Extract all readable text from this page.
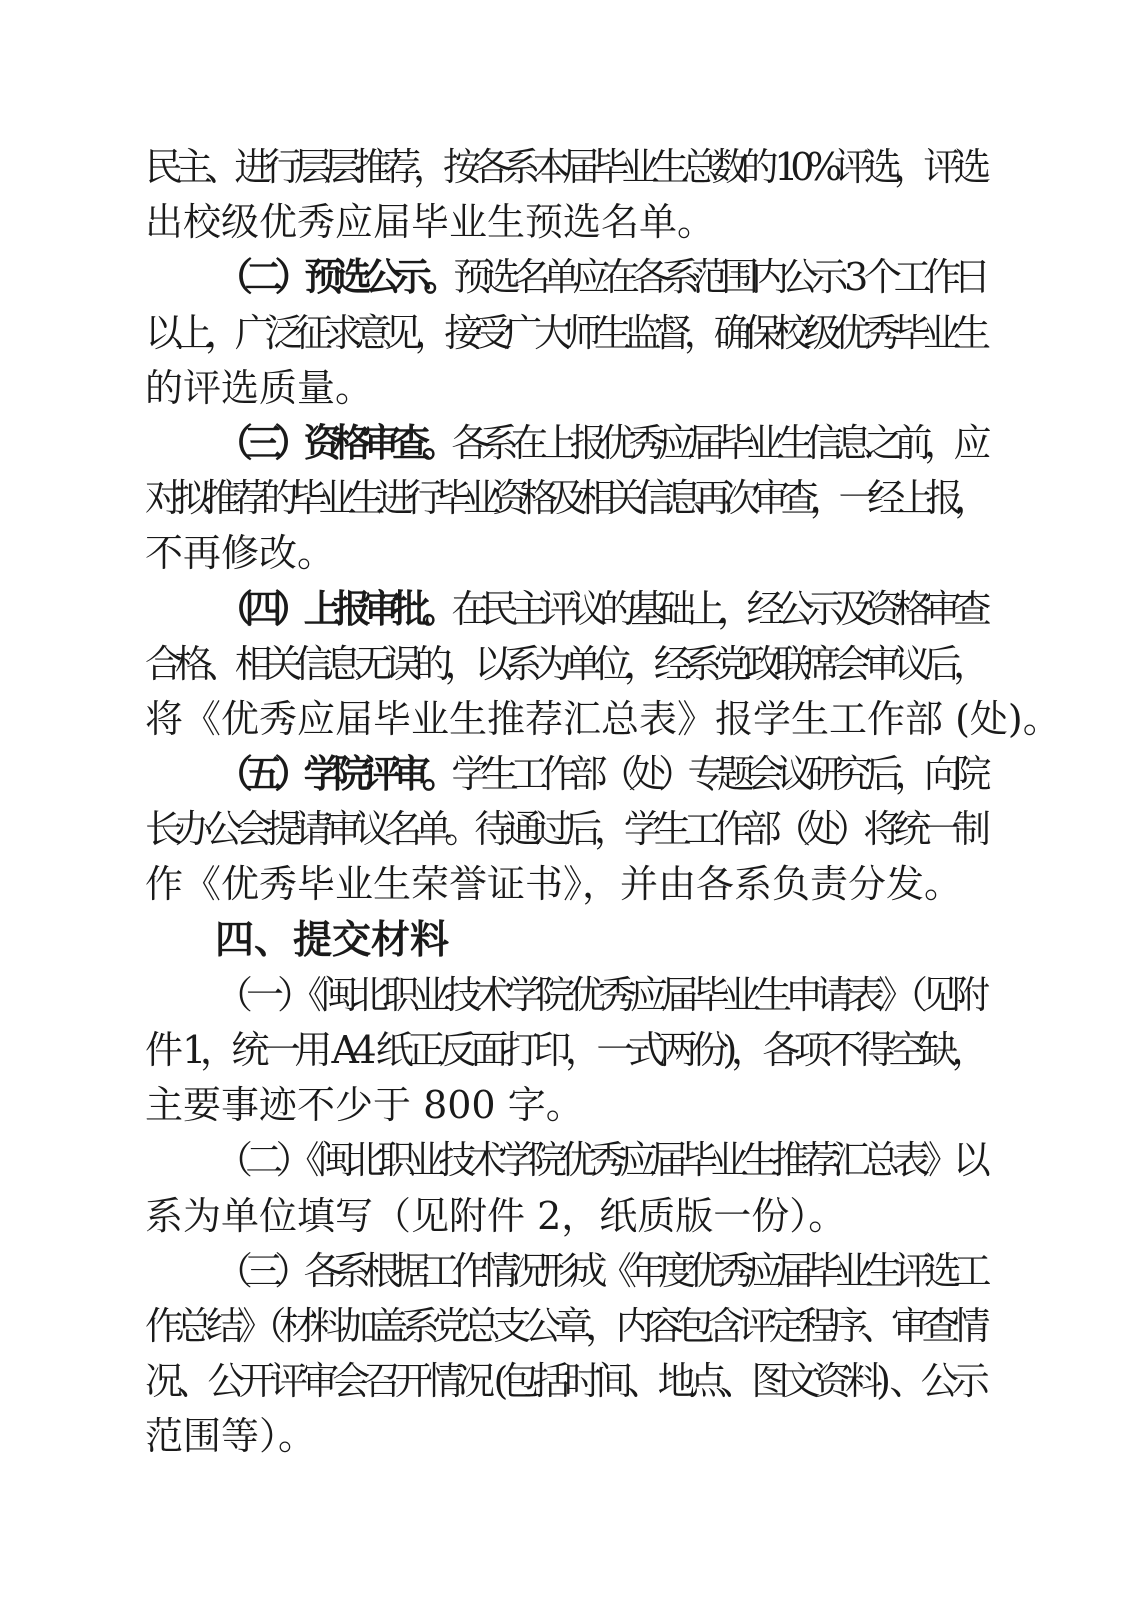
民主、进行层层推荐，按各系本届毕业生总数的 10%评选，评选
出校级优秀应届毕业生预选名单。
（二）预选公示。预选名单应在各系范围内公示 3 个工作日
以上，广泛征求意见，接受广大师生监督，确保校级优秀毕业生
的评选质量。
（三）资格审查。各系在上报优秀应届毕业生信息之前，应
对拟推荐的毕业生进行毕业资格及相关信息再次审查，一经上报，
不再修改。
（四）上报审批。在民主评议的基础上，经公示及资格审查
合格、相关信息无误的，以系为单位，经系党政联席会审议后，
将《优秀应届毕业生推荐汇总表》报学生工作部 (处)。
（五）学院评审。学生工作部（处）专题会议研究后，向院
长办公会提请审议名单。待通过后，学生工作部（处）将统一制
作《优秀毕业生荣誉证书》，并由各系负责分发。
四、提交材料
（一）《闽北职业技术学院优秀应届毕业生申请表》（见附
件 1，统一用 A4 纸正反面打印，一式两份)，各项不得空缺，
主要事迹不少于 800 字。
（二）《闽北职业技术学院优秀应届毕业生推荐汇总表》以
系为单位填写（见附件 2，纸质版一份）。
（三）各系根据工作情况形成《年度优秀应届毕业生评选工
作总结》（材料加盖系党总支公章，内容包含评定程序、审查情
况、公开评审会召开情况 (包括时间、地点、图文资料) 、公示
范围等）。
